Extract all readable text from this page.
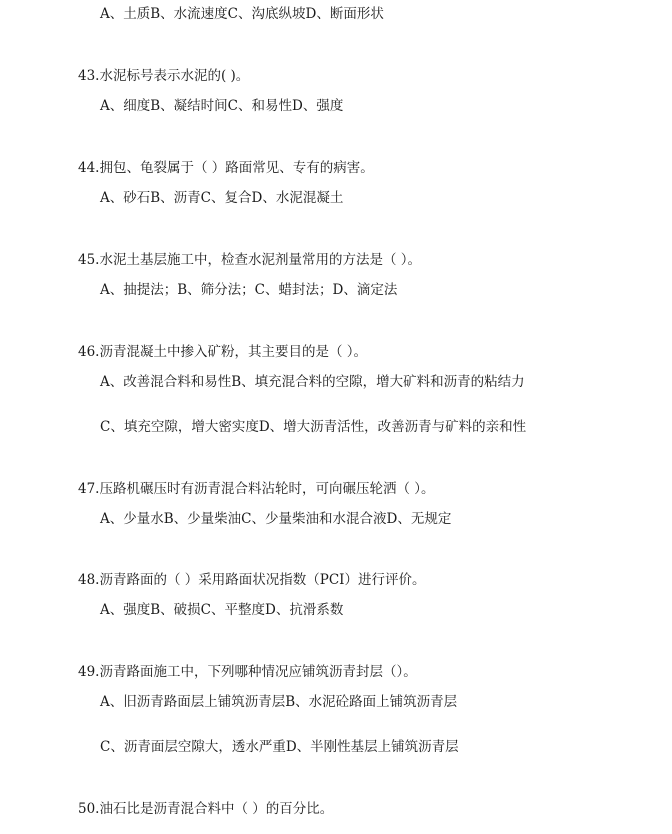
A、土质B、水流速度C、沟底纵坡D、断面形状
43.水泥标号表示水泥的( )。
A、细度B、凝结时间C、和易性D、强度
44.拥包、龟裂属于（ ）路面常见、专有的病害。
A、砂石B、沥青C、复合D、水泥混凝土
45.水泥土基层施工中，检查水泥剂量常用的方法是（ ）。
A、抽提法；B、筛分法；C、蜡封法；D、滴定法
46.沥青混凝土中掺入矿粉，其主要目的是（ ）。
A、改善混合料和易性B、填充混合料的空隙，增大矿料和沥青的粘结力
C、填充空隙，增大密实度D、增大沥青活性，改善沥青与矿料的亲和性
47.压路机碾压时有沥青混合料沾轮时，可向碾压轮洒（ ）。
A、少量水B、少量柴油C、少量柴油和水混合液D、无规定
48.沥青路面的（ ）采用路面状况指数（PCI）进行评价。
A、强度B、破损C、平整度D、抗滑系数
49.沥青路面施工中，下列哪种情况应铺筑沥青封层（）。
A、旧沥青路面层上铺筑沥青层B、水泥砼路面上铺筑沥青层
C、沥青面层空隙大，透水严重D、半刚性基层上铺筑沥青层
50.油石比是沥青混合料中（ ）的百分比。
